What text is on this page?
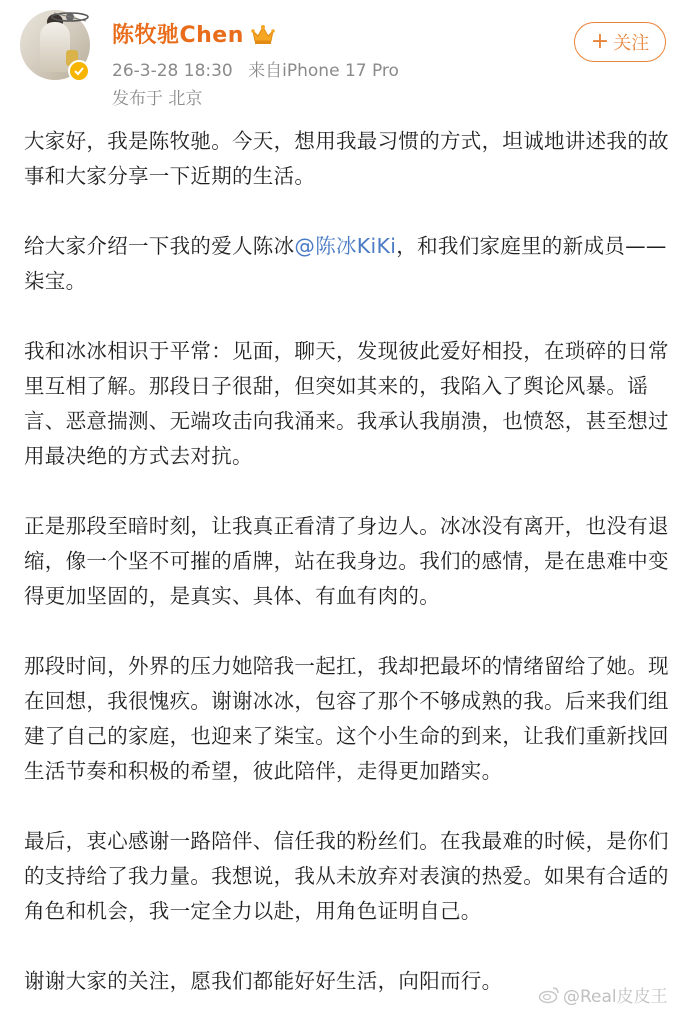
陈牧驰Chen
26-3-28 18:30 来自iPhone 17 Pro
发布于 北京
+ 关注

大家好，我是陈牧驰。今天，想用我最习惯的方式，坦诚地讲述我的故事和大家分享一下近期的生活。

给大家介绍一下我的爱人陈冰@陈冰KiKi，和我们家庭里的新成员——柒宝。

我和冰冰相识于平常：见面，聊天，发现彼此爱好相投，在琐碎的日常里互相了解。那段日子很甜，但突如其来的，我陷入了舆论风暴。谣言、恶意揣测、无端攻击向我涌来。我承认我崩溃，也愤怒，甚至想过用最决绝的方式去对抗。

正是那段至暗时刻，让我真正看清了身边人。冰冰没有离开，也没有退缩，像一个坚不可摧的盾牌，站在我身边。我们的感情，是在患难中变得更加坚固的，是真实、具体、有血有肉的。

那段时间，外界的压力她陪我一起扛，我却把最坏的情绪留给了她。现在回想，我很愧疚。谢谢冰冰，包容了那个不够成熟的我。后来我们组建了自己的家庭，也迎来了柒宝。这个小生命的到来，让我们重新找回生活节奏和积极的希望，彼此陪伴，走得更加踏实。

最后，衷心感谢一路陪伴、信任我的粉丝们。在我最难的时候，是你们的支持给了我力量。我想说，我从未放弃对表演的热爱。如果有合适的角色和机会，我一定全力以赴，用角色证明自己。

谢谢大家的关注，愿我们都能好好生活，向阳而行。

@Real皮皮王
